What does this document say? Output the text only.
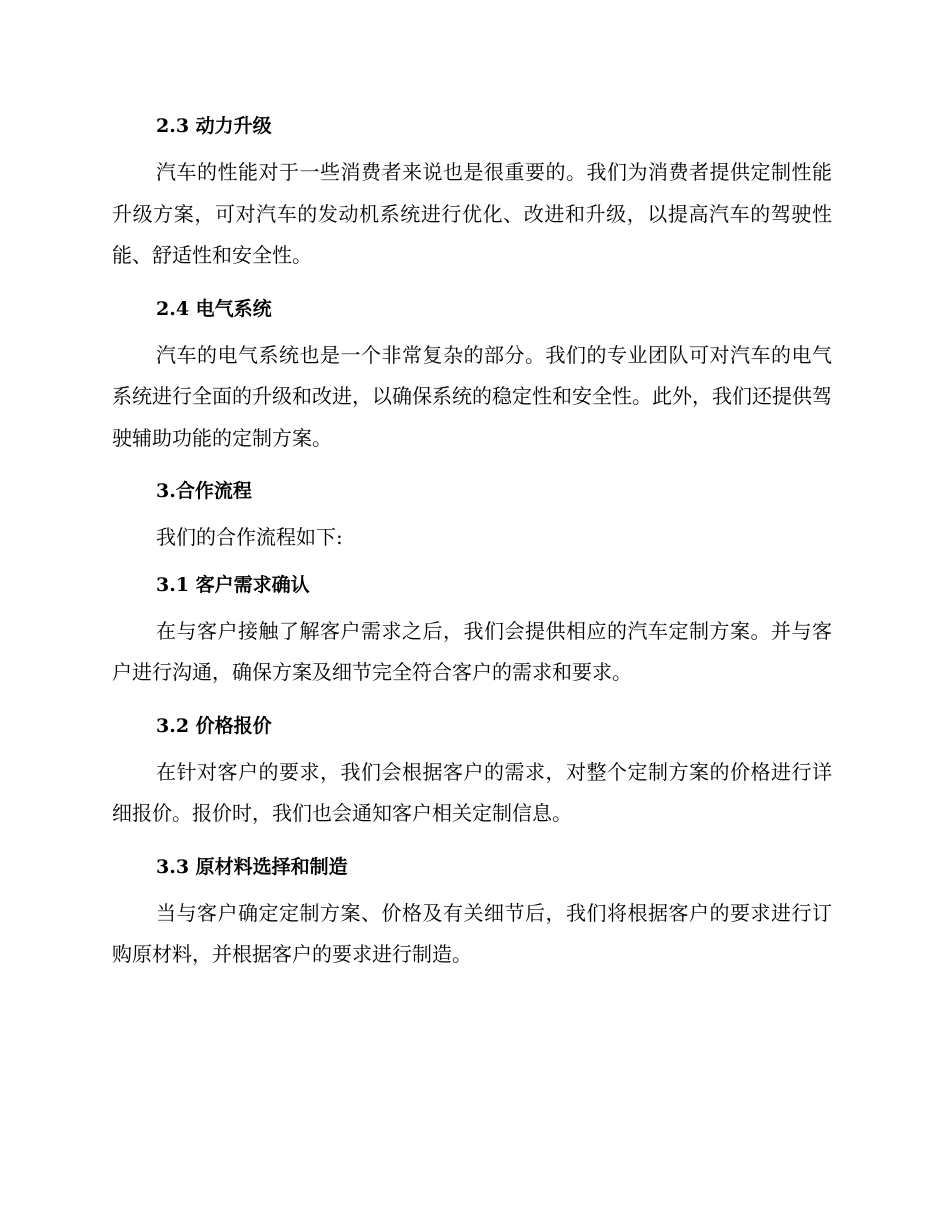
2.3 动力升级

汽车的性能对于一些消费者来说也是很重要的。我们为消费者提供定制性能升级方案，可对汽车的发动机系统进行优化、改进和升级，以提高汽车的驾驶性能、舒适性和安全性。

2.4 电气系统

汽车的电气系统也是一个非常复杂的部分。我们的专业团队可对汽车的电气系统进行全面的升级和改进，以确保系统的稳定性和安全性。此外，我们还提供驾驶辅助功能的定制方案。

3.合作流程

我们的合作流程如下:

3.1 客户需求确认

在与客户接触了解客户需求之后，我们会提供相应的汽车定制方案。并与客户进行沟通，确保方案及细节完全符合客户的需求和要求。

3.2 价格报价

在针对客户的要求，我们会根据客户的需求，对整个定制方案的价格进行详细报价。报价时，我们也会通知客户相关定制信息。

3.3 原材料选择和制造

当与客户确定定制方案、价格及有关细节后，我们将根据客户的要求进行订购原材料，并根据客户的要求进行制造。
